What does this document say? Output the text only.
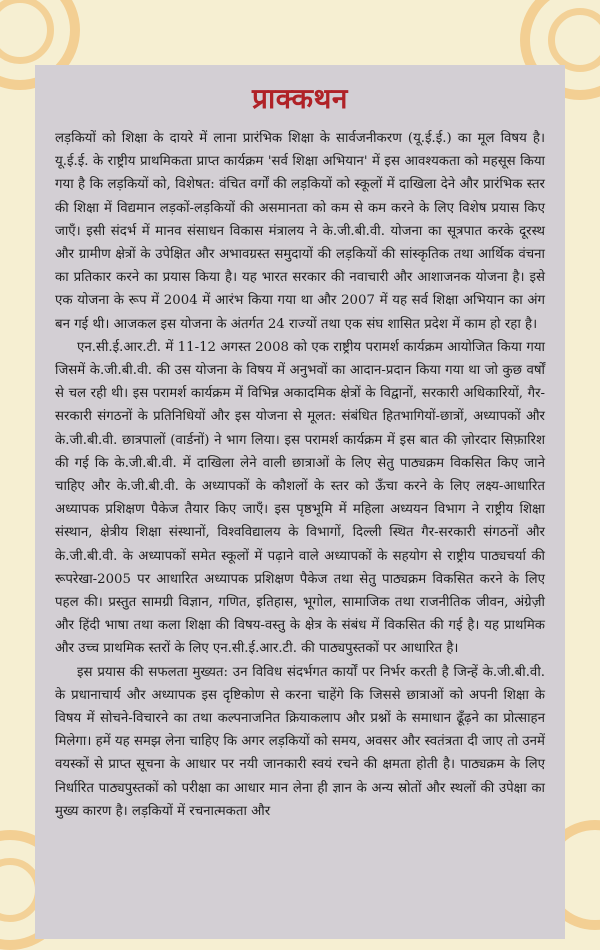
प्राक्कथन

लड़कियों को शिक्षा के दायरे में लाना प्रारंभिक शिक्षा के सार्वजनीकरण (यू.ई.ई.) का मूल विषय है। यू.ई.ई. के राष्ट्रीय प्राथमिकता प्राप्त कार्यक्रम 'सर्व शिक्षा अभियान' में इस आवश्यकता को महसूस किया गया है कि लड़कियों को, विशेषत: वंचित वर्गों की लड़कियों को स्कूलों में दाखिला देने और प्रारंभिक स्तर की शिक्षा में विद्यमान लड़कों-लड़कियों की असमानता को कम से कम करने के लिए विशेष प्रयास किए जाएँ। इसी संदर्भ में मानव संसाधन विकास मंत्रालय ने के.जी.बी.वी. योजना का सूत्रपात करके दूरस्थ और ग्रामीण क्षेत्रों के उपेक्षित और अभावग्रस्त समुदायों की लड़कियों की सांस्कृतिक तथा आर्थिक वंचना का प्रतिकार करने का प्रयास किया है। यह भारत सरकार की नवाचारी और आशाजनक योजना है। इसे एक योजना के रूप में 2004 में आरंभ किया गया था और 2007 में यह सर्व शिक्षा अभियान का अंग बन गई थी। आजकल इस योजना के अंतर्गत 24 राज्यों तथा एक संघ शासित प्रदेश में काम हो रहा है।

एन.सी.ई.आर.टी. में 11-12 अगस्त 2008 को एक राष्ट्रीय परामर्श कार्यक्रम आयोजित किया गया जिसमें के.जी.बी.वी. की उस योजना के विषय में अनुभवों का आदान-प्रदान किया गया था जो कुछ वर्षों से चल रही थी। इस परामर्श कार्यक्रम में विभिन्न अकादमिक क्षेत्रों के विद्वानों, सरकारी अधिकारियों, गैर-सरकारी संगठनों के प्रतिनिधियों और इस योजना से मूलत: संबंधित हितभागियों-छात्रों, अध्यापकों और के.जी.बी.वी. छात्रपालों (वार्डनों) ने भाग लिया। इस परामर्श कार्यक्रम में इस बात की ज़ोरदार सिफ़ारिश की गई कि के.जी.बी.वी. में दाखिला लेने वाली छात्राओं के लिए सेतु पाठ्यक्रम विकसित किए जाने चाहिए और के.जी.बी.वी. के अध्यापकों के कौशलों के स्तर को ऊँचा करने के लिए लक्ष्य-आधारित अध्यापक प्रशिक्षण पैकेज तैयार किए जाएँ। इस पृष्ठभूमि में महिला अध्ययन विभाग ने राष्ट्रीय शिक्षा संस्थान, क्षेत्रीय शिक्षा संस्थानों, विश्वविद्यालय के विभागों, दिल्ली स्थित गैर-सरकारी संगठनों और के.जी.बी.वी. के अध्यापकों समेत स्कूलों में पढ़ाने वाले अध्यापकों के सहयोग से राष्ट्रीय पाठ्यचर्या की रूपरेखा-2005 पर आधारित अध्यापक प्रशिक्षण पैकेज तथा सेतु पाठ्यक्रम विकसित करने के लिए पहल की। प्रस्तुत सामग्री विज्ञान, गणित, इतिहास, भूगोल, सामाजिक तथा राजनीतिक जीवन, अंग्रेज़ी और हिंदी भाषा तथा कला शिक्षा की विषय-वस्तु के क्षेत्र के संबंध में विकसित की गई है। यह प्राथमिक और उच्च प्राथमिक स्तरों के लिए एन.सी.ई.आर.टी. की पाठ्यपुस्तकों पर आधारित है।

इस प्रयास की सफलता मुख्यत: उन विविध संदर्भगत कार्यों पर निर्भर करती है जिन्हें के.जी.बी.वी. के प्रधानाचार्य और अध्यापक इस दृष्टिकोण से करना चाहेंगे कि जिससे छात्राओं को अपनी शिक्षा के विषय में सोचने-विचारने का तथा कल्पनाजनित क्रियाकलाप और प्रश्नों के समाधान ढूँढ़ने का प्रोत्साहन मिलेगा। हमें यह समझ लेना चाहिए कि अगर लड़कियों को समय, अवसर और स्वतंत्रता दी जाए तो उनमें वयस्कों से प्राप्त सूचना के आधार पर नयी जानकारी स्वयं रचने की क्षमता होती है। पाठ्यक्रम के लिए निर्धारित पाठ्यपुस्तकों को परीक्षा का आधार मान लेना ही ज्ञान के अन्य स्रोतों और स्थलों की उपेक्षा का मुख्य कारण है। लड़कियों में रचनात्मकता और
